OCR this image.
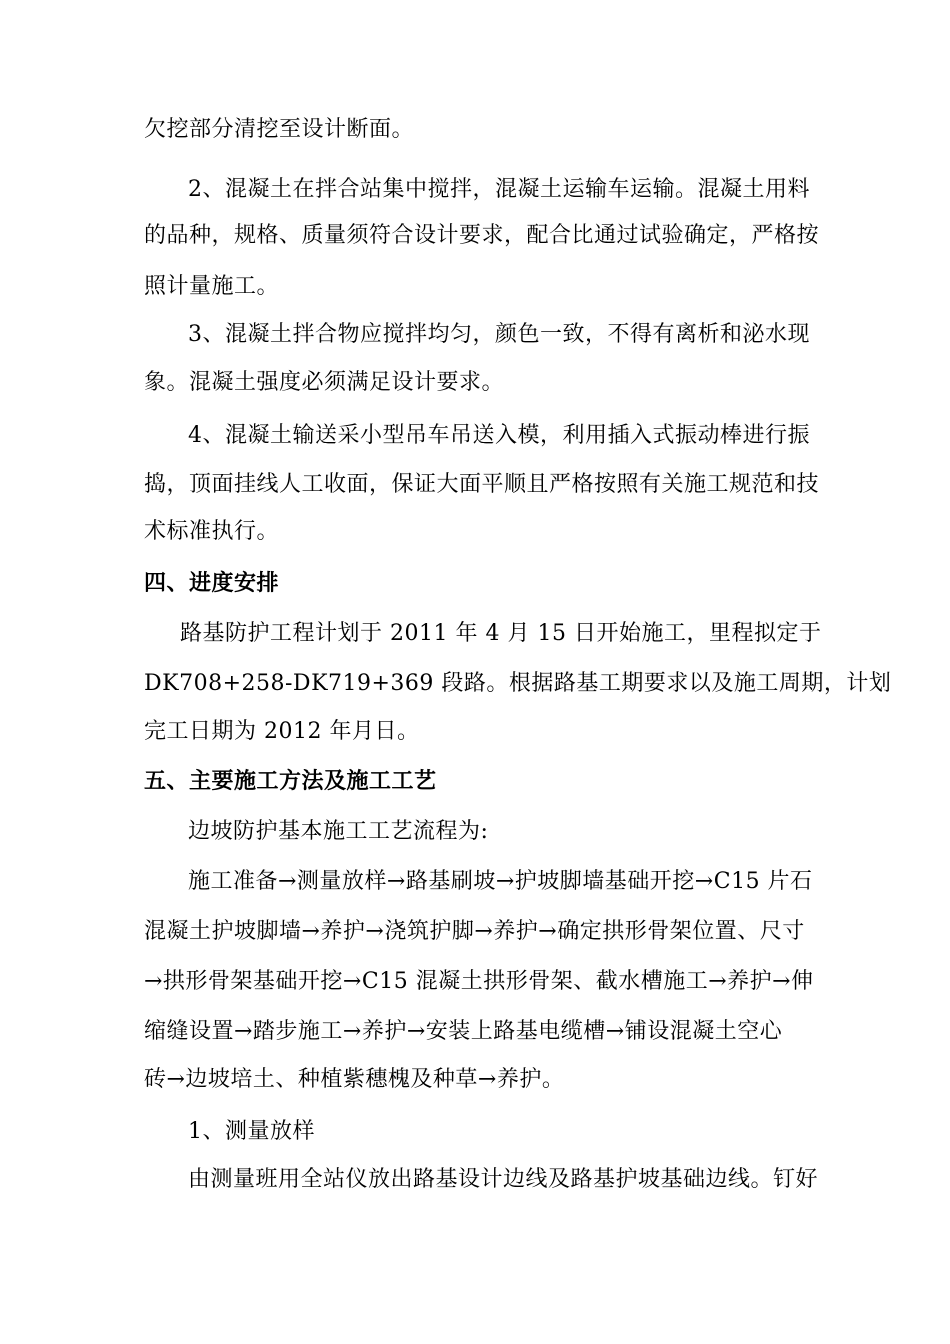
欠挖部分清挖至设计断面。
2、混凝土在拌合站集中搅拌，混凝土运输车运输。混凝土用料
的品种，规格、质量须符合设计要求，配合比通过试验确定，严格按
照计量施工。
3、混凝土拌合物应搅拌均匀，颜色一致，不得有离析和泌水现
象。混凝土强度必须满足设计要求。
4、混凝土输送采小型吊车吊送入模，利用插入式振动棒进行振
捣，顶面挂线人工收面，保证大面平顺且严格按照有关施工规范和技
术标准执行。
四、进度安排
路基防护工程计划于 2011 年 4 月 15 日开始施工，里程拟定于
DK708+258-DK719+369 段路。根据路基工期要求以及施工周期，计划
完工日期为 2012 年月日。
五、主要施工方法及施工工艺
边坡防护基本施工工艺流程为:
施工准备→测量放样→路基刷坡→护坡脚墙基础开挖→C15 片石
混凝土护坡脚墙→养护→浇筑护脚→养护→确定拱形骨架位置、尺寸
→拱形骨架基础开挖→C15 混凝土拱形骨架、截水槽施工→养护→伸
缩缝设置→踏步施工→养护→安装上路基电缆槽→铺设混凝土空心
砖→边坡培土、种植紫穗槐及种草→养护。
1、测量放样
由测量班用全站仪放出路基设计边线及路基护坡基础边线。钉好
